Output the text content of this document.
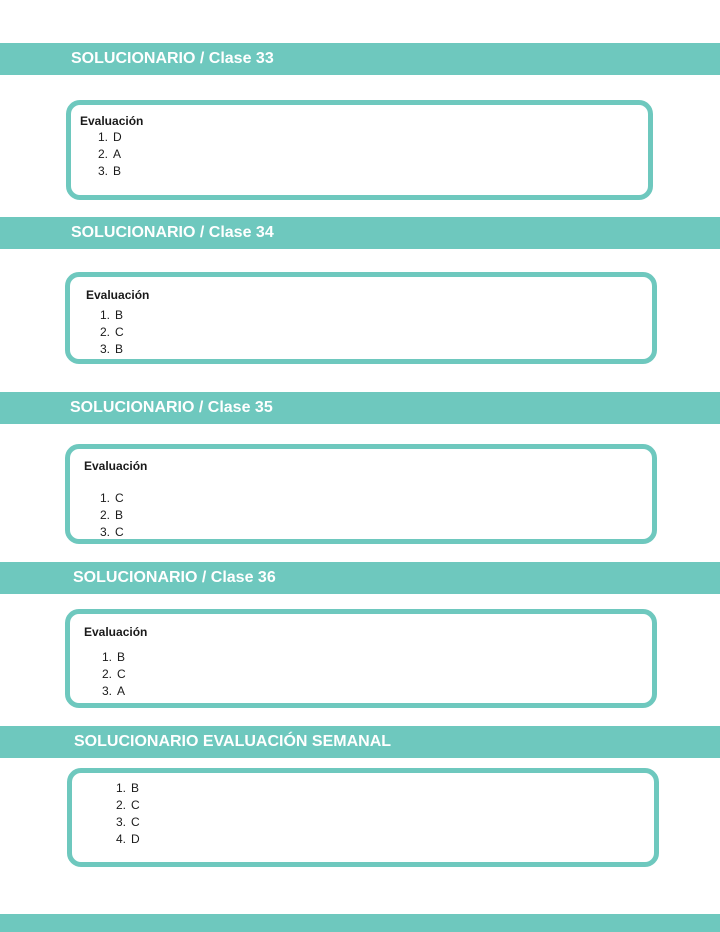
SOLUCIONARIO / Clase 33
Evaluación
1. D
2. A
3. B
SOLUCIONARIO / Clase 34
Evaluación
1. B
2. C
3. B
SOLUCIONARIO / Clase 35
Evaluación
1. C
2. B
3. C
SOLUCIONARIO / Clase 36
Evaluación
1. B
2. C
3. A
SOLUCIONARIO EVALUACIÓN SEMANAL
1. B
2. C
3. C
4. D
